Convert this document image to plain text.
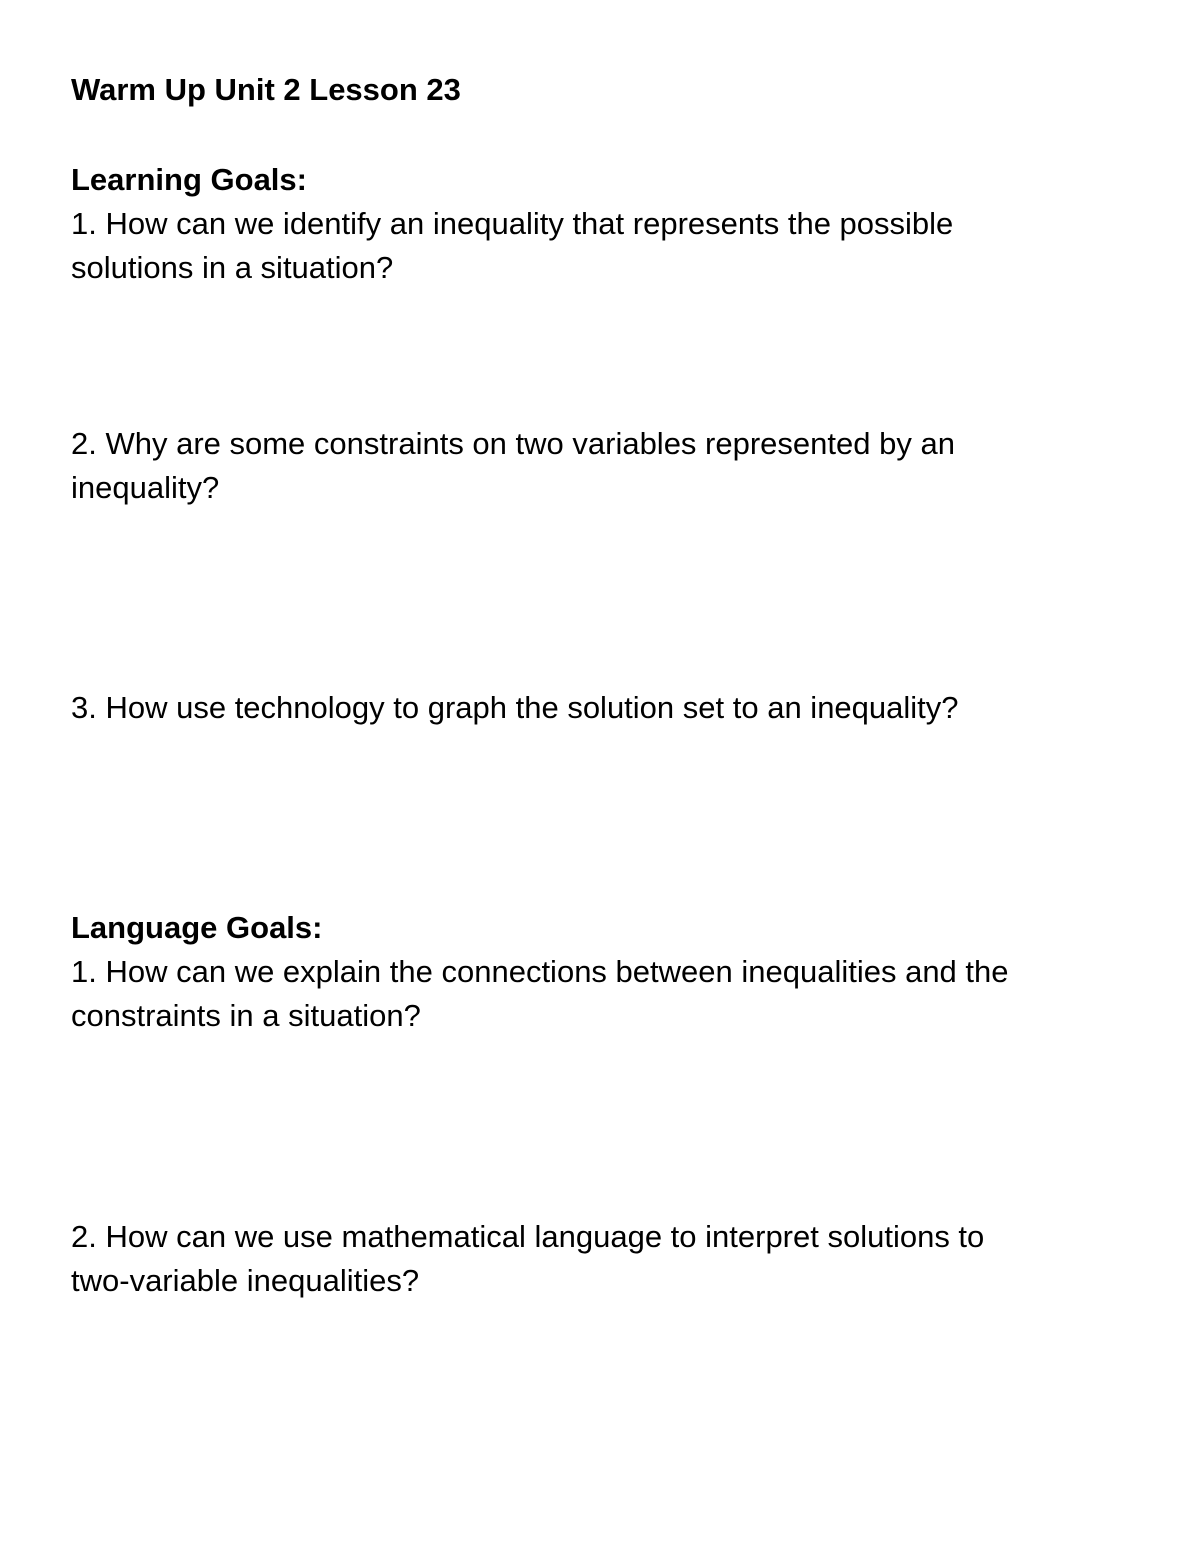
Warm Up Unit 2 Lesson 23
Learning Goals:
1. How can we identify an inequality that represents the possible
solutions in a situation?
2. Why are some constraints on two variables represented by an
inequality?
3. How use technology to graph the solution set to an inequality?
Language Goals:
1. How can we explain the connections between inequalities and the
constraints in a situation?
2. How can we use mathematical language to interpret solutions to
two-variable inequalities?
